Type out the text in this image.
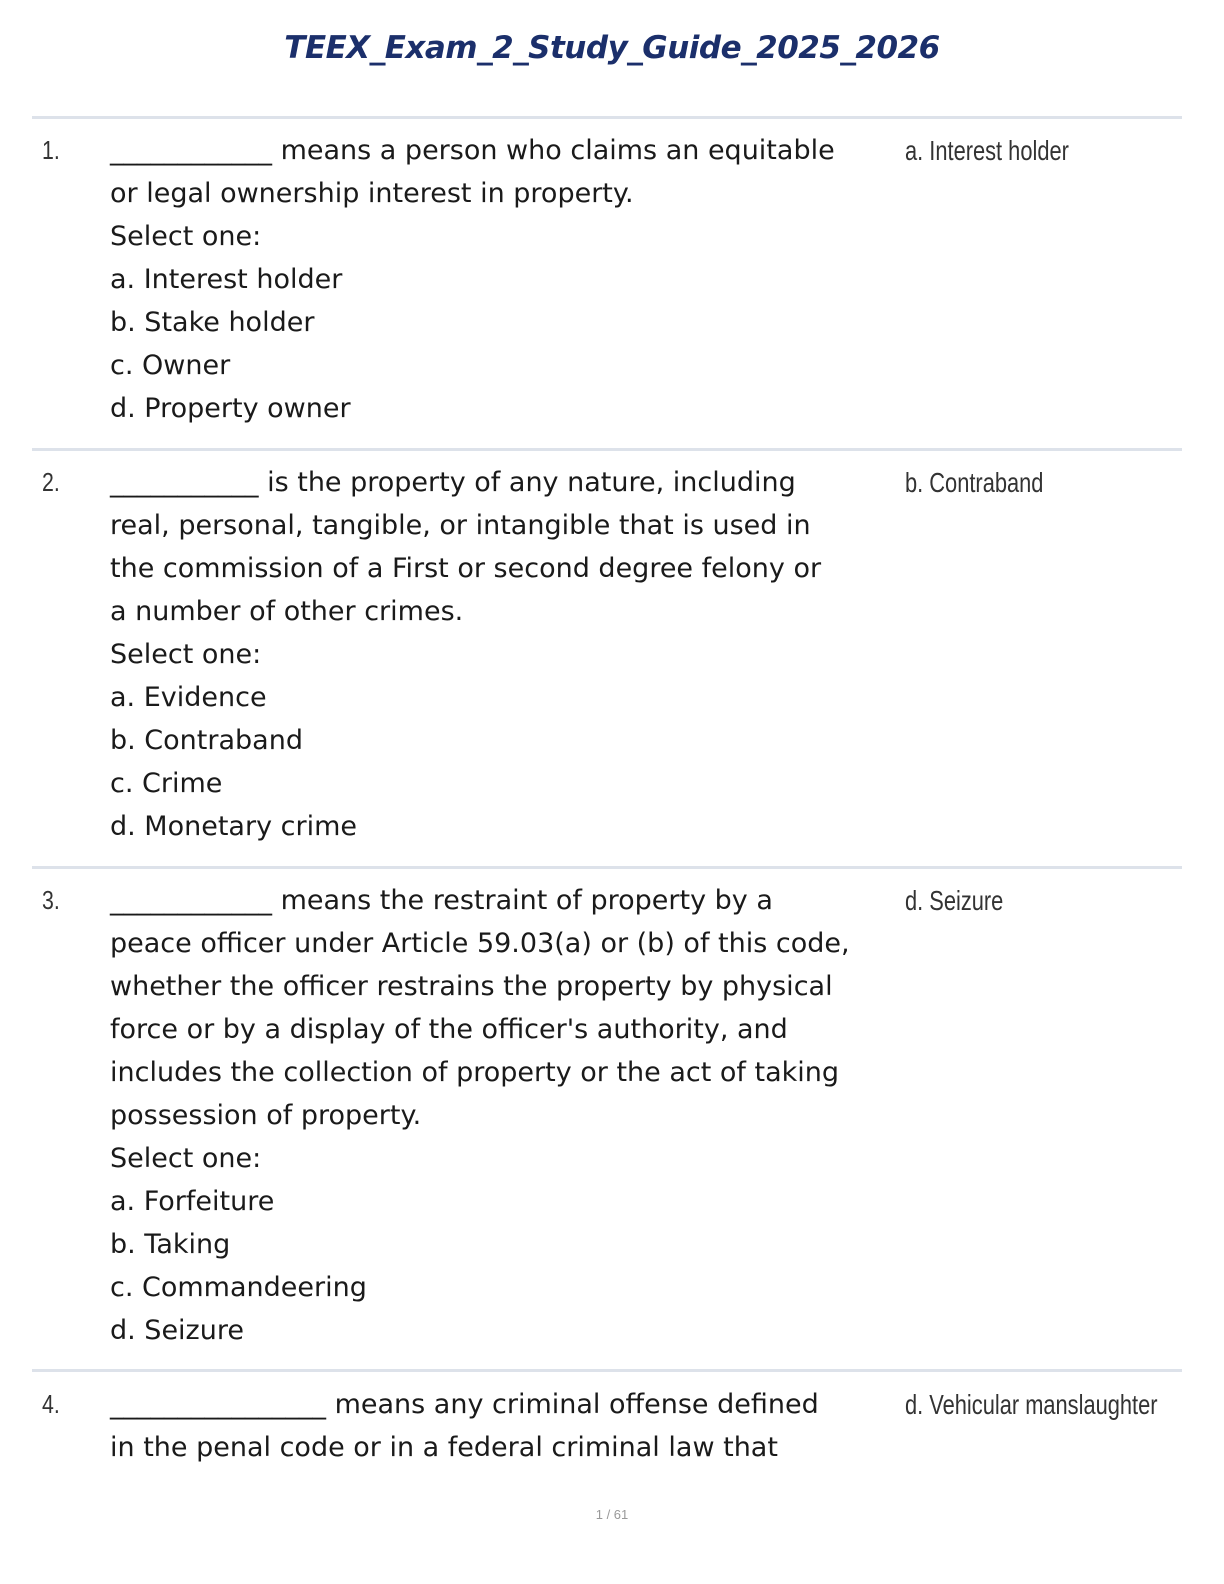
TEEX_Exam_2_Study_Guide_2025_2026
1. ____________ means a person who claims an equitable
or legal ownership interest in property.
Select one:
a. Interest holder
b. Stake holder
c. Owner
d. Property owner
a. Interest holder
2. ___________ is the property of any nature, including
real, personal, tangible, or intangible that is used in
the commission of a First or second degree felony or
a number of other crimes.
Select one:
a. Evidence
b. Contraband
c. Crime
d. Monetary crime
b. Contraband
3. ____________ means the restraint of property by a
peace officer under Article 59.03(a) or (b) of this code,
whether the officer restrains the property by physical
force or by a display of the officer's authority, and
includes the collection of property or the act of taking
possession of property.
Select one:
a. Forfeiture
b. Taking
c. Commandeering
d. Seizure
d. Seizure
4. ________________ means any criminal offense defined
in the penal code or in a federal criminal law that
d. Vehicular manslaughter
1 / 61
